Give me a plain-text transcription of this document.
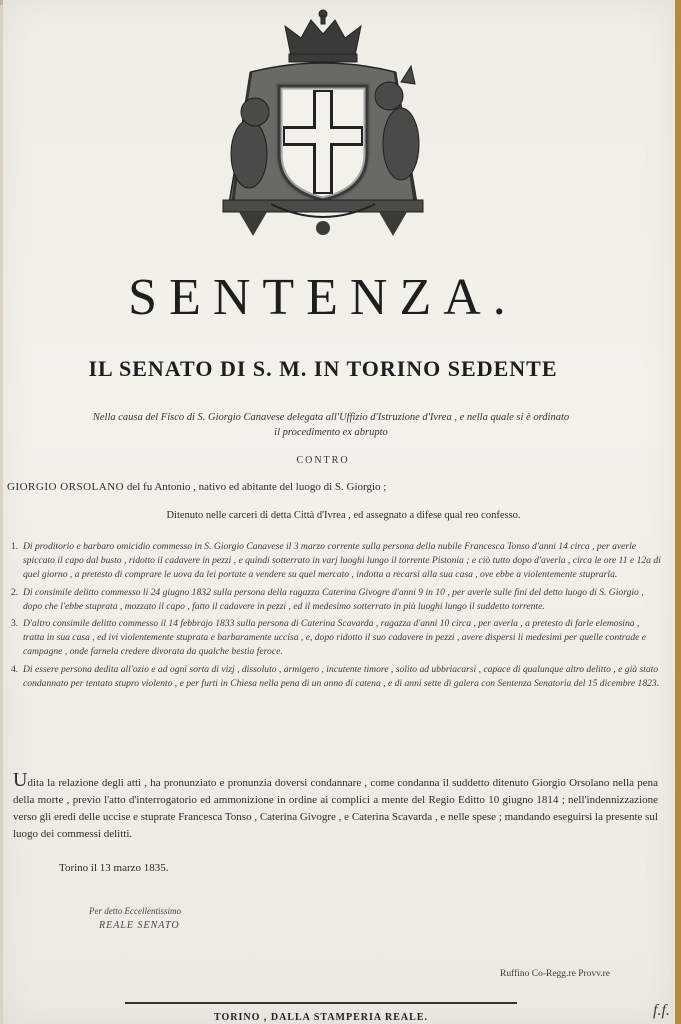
SENTENZA.
IL SENATO DI S. M. IN TORINO SEDENTE
Nella causa del Fisco di S. Giorgio Canavese delegata all'Uffizio d'Istruzione d'Ivrea , e nella quale si è ordinato
il procedimento ex abrupto
CONTRO
GIORGIO ORSOLANO del fu Antonio , nativo ed abitante del luogo di S. Giorgio ;
Ditenuto nelle carceri di detta Città d'Ivrea , ed assegnato a difese qual reo confesso.
1. Di proditorio e barbaro omicidio commesso in S. Giorgio Canavese il 3 marzo corrente sulla persona della nubile Francesca Tonso d'anni 14 circa , per averle spiccato il capo dal busto , ridotto il cadavere in pezzi , e quindi sotterrato in varj luoghi lungo il torrente Pistonia ; e ciò tutto dopo d'averla , circa le ore 11 e 12a di quel giorno , a pretesto di comprare le uova da lei portate a vendere su quel mercato , indotta a recarsi alla sua casa , ove ebbe a violentemente stuprarla.
2. Di consimile delitto commesso li 24 giugno 1832 sulla persona della ragazza Caterina Givogre d'anni 9 in 10 , per averle sulle fini del detto luogo di S. Giorgio , dopo che l'ebbe stuprata , mozzato il capo , fatto il cadavere in pezzi , ed il medesimo sotterrato in più luoghi lungo il suddetto torrente.
3. D'altro consimile delitto commesso il 14 febbrajo 1833 sulla persona di Caterina Scavarda , ragazza d'anni 10 circa , per averla , a pretesto di farle elemosina , tratta in sua casa , ed ivi violentemente stuprata e barbaramente uccisa , e, dopo ridotto il suo cadavere in pezzi , avere dispersi li medesimi per quelle contrade e campagne , onde farnela credere divorata da qualche bestia feroce.
4. Di essere persona dedita all'ozio e ad ogni sorta di vizj , dissoluto , armigero , incutente timore , solito ad ubbriacarsi , capace di qualunque altro delitto , e già stato condannato per tentato stupro violento , e per furti in Chiesa nella pena di un anno di catena , e di anni sette di galera con Sentenza Senatoria del 15 dicembre 1823.
Udita la relazione degli atti , ha pronunziato e pronunzia doversi condannare , come condanna il suddetto ditenuto Giorgio Orsolano nella pena della morte , previo l'atto d'interrogatorio ed ammonizione in ordine ai complici a mente del Regio Editto 10 giugno 1814 ; nell'indennizzazione verso gli eredi delle uccise e stuprate Francesca Tonso , Caterina Givogre , e Caterina Scavarda , e nelle spese ; mandando eseguirsi la presente sul luogo dei commessi delitti.
Torino il 13 marzo 1835.
Per detto Eccellentissimo
REALE SENATO
Ruffino Co-Regg.re Provv.re
TORINO , DALLA STAMPERIA REALE.	f.f.
